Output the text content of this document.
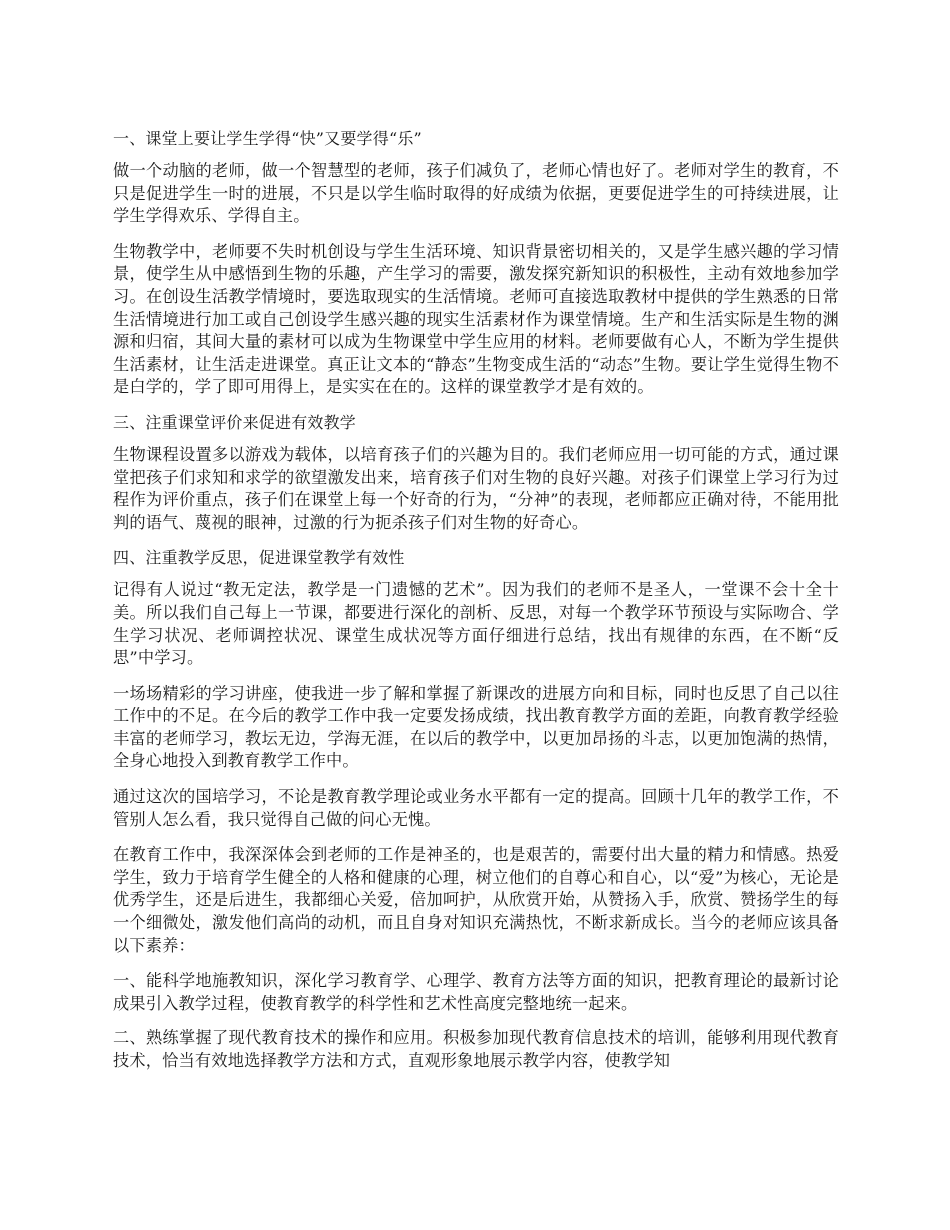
一、课堂上要让学生学得“快”又要学得“乐”

做一个动脑的老师，做一个智慧型的老师，孩子们减负了，老师心情也好了。老师对学生的教育，不只是促进学生一时的进展，不只是以学生临时取得的好成绩为依据，更要促进学生的可持续进展，让学生学得欢乐、学得自主。

生物教学中，老师要不失时机创设与学生生活环境、知识背景密切相关的，又是学生感兴趣的学习情景，使学生从中感悟到生物的乐趣，产生学习的需要，激发探究新知识的积极性，主动有效地参加学习。在创设生活教学情境时，要选取现实的生活情境。老师可直接选取教材中提供的学生熟悉的日常生活情境进行加工或自己创设学生感兴趣的现实生活素材作为课堂情境。生产和生活实际是生物的渊源和归宿，其间大量的素材可以成为生物课堂中学生应用的材料。老师要做有心人，不断为学生提供生活素材，让生活走进课堂。真正让文本的“静态”生物变成生活的“动态”生物。要让学生觉得生物不是白学的，学了即可用得上，是实实在在的。这样的课堂教学才是有效的。

三、注重课堂评价来促进有效教学

生物课程设置多以游戏为载体，以培育孩子们的兴趣为目的。我们老师应用一切可能的方式，通过课堂把孩子们求知和求学的欲望激发出来，培育孩子们对生物的良好兴趣。对孩子们课堂上学习行为过程作为评价重点，孩子们在课堂上每一个好奇的行为，“分神”的表现，老师都应正确对待，不能用批判的语气、蔑视的眼神，过激的行为扼杀孩子们对生物的好奇心。

四、注重教学反思，促进课堂教学有效性

记得有人说过“教无定法，教学是一门遗憾的艺术”。因为我们的老师不是圣人，一堂课不会十全十美。所以我们自己每上一节课，都要进行深化的剖析、反思，对每一个教学环节预设与实际吻合、学生学习状况、老师调控状况、课堂生成状况等方面仔细进行总结，找出有规律的东西，在不断“反思”中学习。

一场场精彩的学习讲座，使我进一步了解和掌握了新课改的进展方向和目标，同时也反思了自己以往工作中的不足。在今后的教学工作中我一定要发扬成绩，找出教育教学方面的差距，向教育教学经验丰富的老师学习，教坛无边，学海无涯，在以后的教学中，以更加昂扬的斗志，以更加饱满的热情，全身心地投入到教育教学工作中。

通过这次的国培学习，不论是教育教学理论或业务水平都有一定的提高。回顾十几年的教学工作，不管别人怎么看，我只觉得自己做的问心无愧。

在教育工作中，我深深体会到老师的工作是神圣的，也是艰苦的，需要付出大量的精力和情感。热爱学生，致力于培育学生健全的人格和健康的心理，树立他们的自尊心和自心，以“爱”为核心，无论是优秀学生，还是后进生，我都细心关爱，倍加呵护，从欣赏开始，从赞扬入手，欣赏、赞扬学生的每一个细微处，激发他们高尚的动机，而且自身对知识充满热忱，不断求新成长。当今的老师应该具备以下素养：

一、能科学地施教知识，深化学习教育学、心理学、教育方法等方面的知识，把教育理论的最新讨论成果引入教学过程，使教育教学的科学性和艺术性高度完整地统一起来。

二、熟练掌握了现代教育技术的操作和应用。积极参加现代教育信息技术的培训，能够利用现代教育技术，恰当有效地选择教学方法和方式，直观形象地展示教学内容，使教学知
